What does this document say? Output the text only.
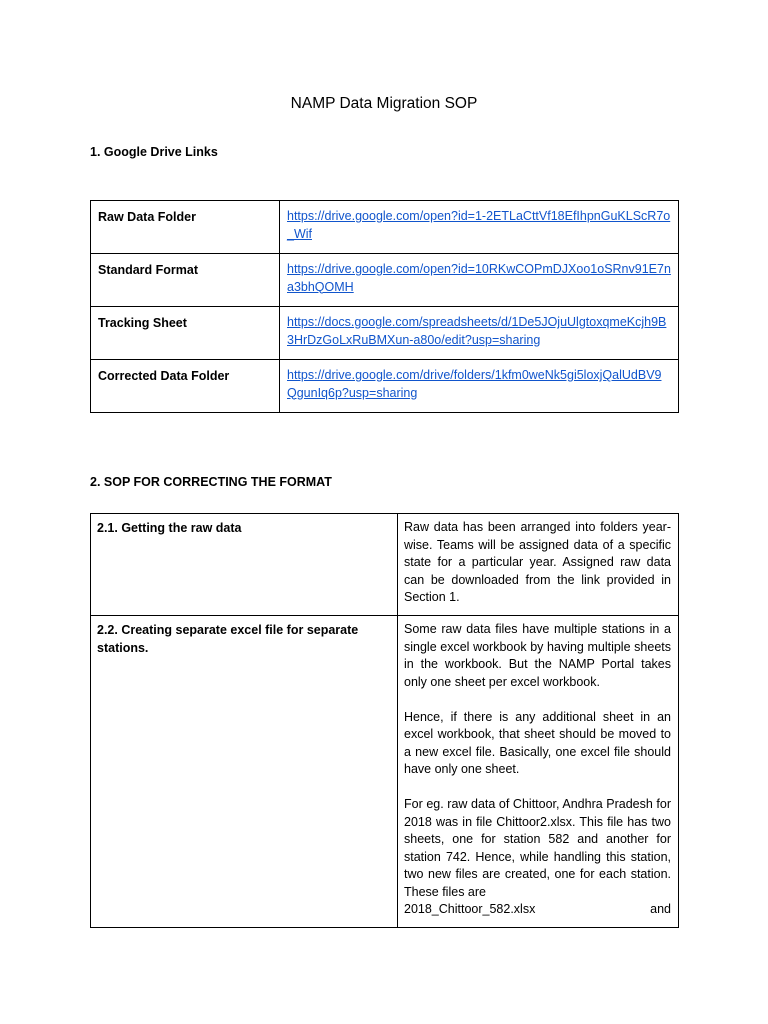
NAMP Data Migration SOP
1. Google Drive Links
Raw Data Folder	https://drive.google.com/open?id=1-2ETLaCttVf18EfIhpnGuKLScR7o_Wif
Standard Format	https://drive.google.com/open?id=10RKwCOPmDJXoo1oSRnv91E7na3bhQOMH
Tracking Sheet	https://docs.google.com/spreadsheets/d/1De5JOjuUlgtoxqmeKcjh9B3HrDzGoLxRuBMXun-a80o/edit?usp=sharing
Corrected Data Folder	https://drive.google.com/drive/folders/1kfm0weNk5gi5loxjQalUdBV9QgunIq6p?usp=sharing
2. SOP FOR CORRECTING THE FORMAT
2.1. Getting the raw data	Raw data has been arranged into folders year-wise. Teams will be assigned data of a specific state for a particular year. Assigned raw data can be downloaded from the link provided in Section 1.

2.2. Creating separate excel file for separate stations.	Some raw data files have multiple stations in a single excel workbook by having multiple sheets in the workbook. But the NAMP Portal takes only one sheet per excel workbook.

Hence, if there is any additional sheet in an excel workbook, that sheet should be moved to a new excel file. Basically, one excel file should have only one sheet.

For eg. raw data of Chittoor, Andhra Pradesh for 2018 was in file Chittoor2.xlsx. This file has two sheets, one for station 582 and another for station 742. Hence, while handling this station, two new files are created, one for each station. These files are
2018_Chittoor_582.xlsx and
